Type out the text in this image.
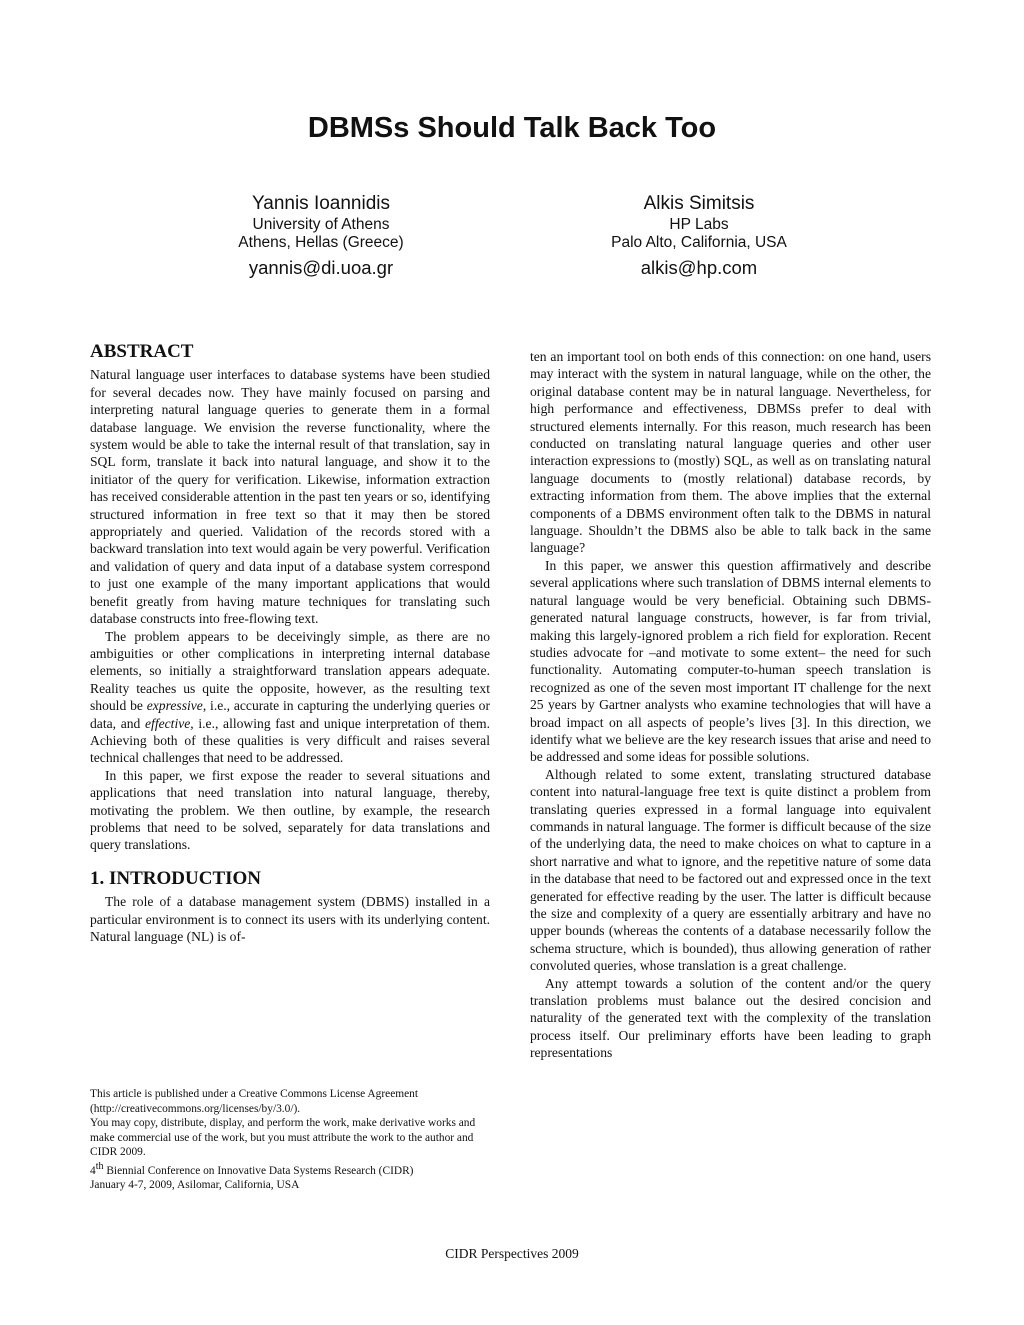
DBMSs Should Talk Back Too
Yannis Ioannidis
University of Athens
Athens, Hellas (Greece)
yannis@di.uoa.gr
Alkis Simitsis
HP Labs
Palo Alto, California, USA
alkis@hp.com
ABSTRACT

Natural language user interfaces to database systems have been studied for several decades now. They have mainly focused on parsing and interpreting natural language queries to generate them in a formal database language. We envision the reverse functionality, where the system would be able to take the internal result of that translation, say in SQL form, translate it back into natural language, and show it to the initiator of the query for verification. Likewise, information extraction has received considerable attention in the past ten years or so, identifying structured information in free text so that it may then be stored appropriately and queried. Validation of the records stored with a backward translation into text would again be very powerful. Verification and validation of query and data input of a database system correspond to just one example of the many important applications that would benefit greatly from having mature techniques for translating such database constructs into free-flowing text.

The problem appears to be deceivingly simple, as there are no ambiguities or other complications in interpreting internal database elements, so initially a straightforward translation appears adequate. Reality teaches us quite the opposite, however, as the resulting text should be expressive, i.e., accurate in capturing the underlying queries or data, and effective, i.e., allowing fast and unique interpretation of them. Achieving both of these qualities is very difficult and raises several technical challenges that need to be addressed.

In this paper, we first expose the reader to several situations and applications that need translation into natural language, thereby, motivating the problem. We then outline, by example, the research problems that need to be solved, separately for data translations and query translations.

1. INTRODUCTION

The role of a database management system (DBMS) installed in a particular environment is to connect its users with its underlying content. Natural language (NL) is of-

This article is published under a Creative Commons License Agreement (http://creativecommons.org/licenses/by/3.0/).
You may copy, distribute, display, and perform the work, make derivative works and make commercial use of the work, but you must attribute the work to the author and CIDR 2009.
4th Biennial Conference on Innovative Data Systems Research (CIDR)
January 4-7, 2009, Asilomar, California, USA

ten an important tool on both ends of this connection: on one hand, users may interact with the system in natural language, while on the other, the original database content may be in natural language. Nevertheless, for high performance and effectiveness, DBMSs prefer to deal with structured elements internally. For this reason, much research has been conducted on translating natural language queries and other user interaction expressions to (mostly) SQL, as well as on translating natural language documents to (mostly relational) database records, by extracting information from them. The above implies that the external components of a DBMS environment often talk to the DBMS in natural language. Shouldn’t the DBMS also be able to talk back in the same language?

In this paper, we answer this question affirmatively and describe several applications where such translation of DBMS internal elements to natural language would be very beneficial. Obtaining such DBMS-generated natural language constructs, however, is far from trivial, making this largely-ignored problem a rich field for exploration. Recent studies advocate for –and motivate to some extent– the need for such functionality. Automating computer-to-human speech translation is recognized as one of the seven most important IT challenge for the next 25 years by Gartner analysts who examine technologies that will have a broad impact on all aspects of people’s lives [3]. In this direction, we identify what we believe are the key research issues that arise and need to be addressed and some ideas for possible solutions.

Although related to some extent, translating structured database content into natural-language free text is quite distinct a problem from translating queries expressed in a formal language into equivalent commands in natural language. The former is difficult because of the size of the underlying data, the need to make choices on what to capture in a short narrative and what to ignore, and the repetitive nature of some data in the database that need to be factored out and expressed once in the text generated for effective reading by the user. The latter is difficult because the size and complexity of a query are essentially arbitrary and have no upper bounds (whereas the contents of a database necessarily follow the schema structure, which is bounded), thus allowing generation of rather convoluted queries, whose translation is a great challenge.

Any attempt towards a solution of the content and/or the query translation problems must balance out the desired concision and naturality of the generated text with the complexity of the translation process itself. Our preliminary efforts have been leading to graph representations

CIDR Perspectives 2009
